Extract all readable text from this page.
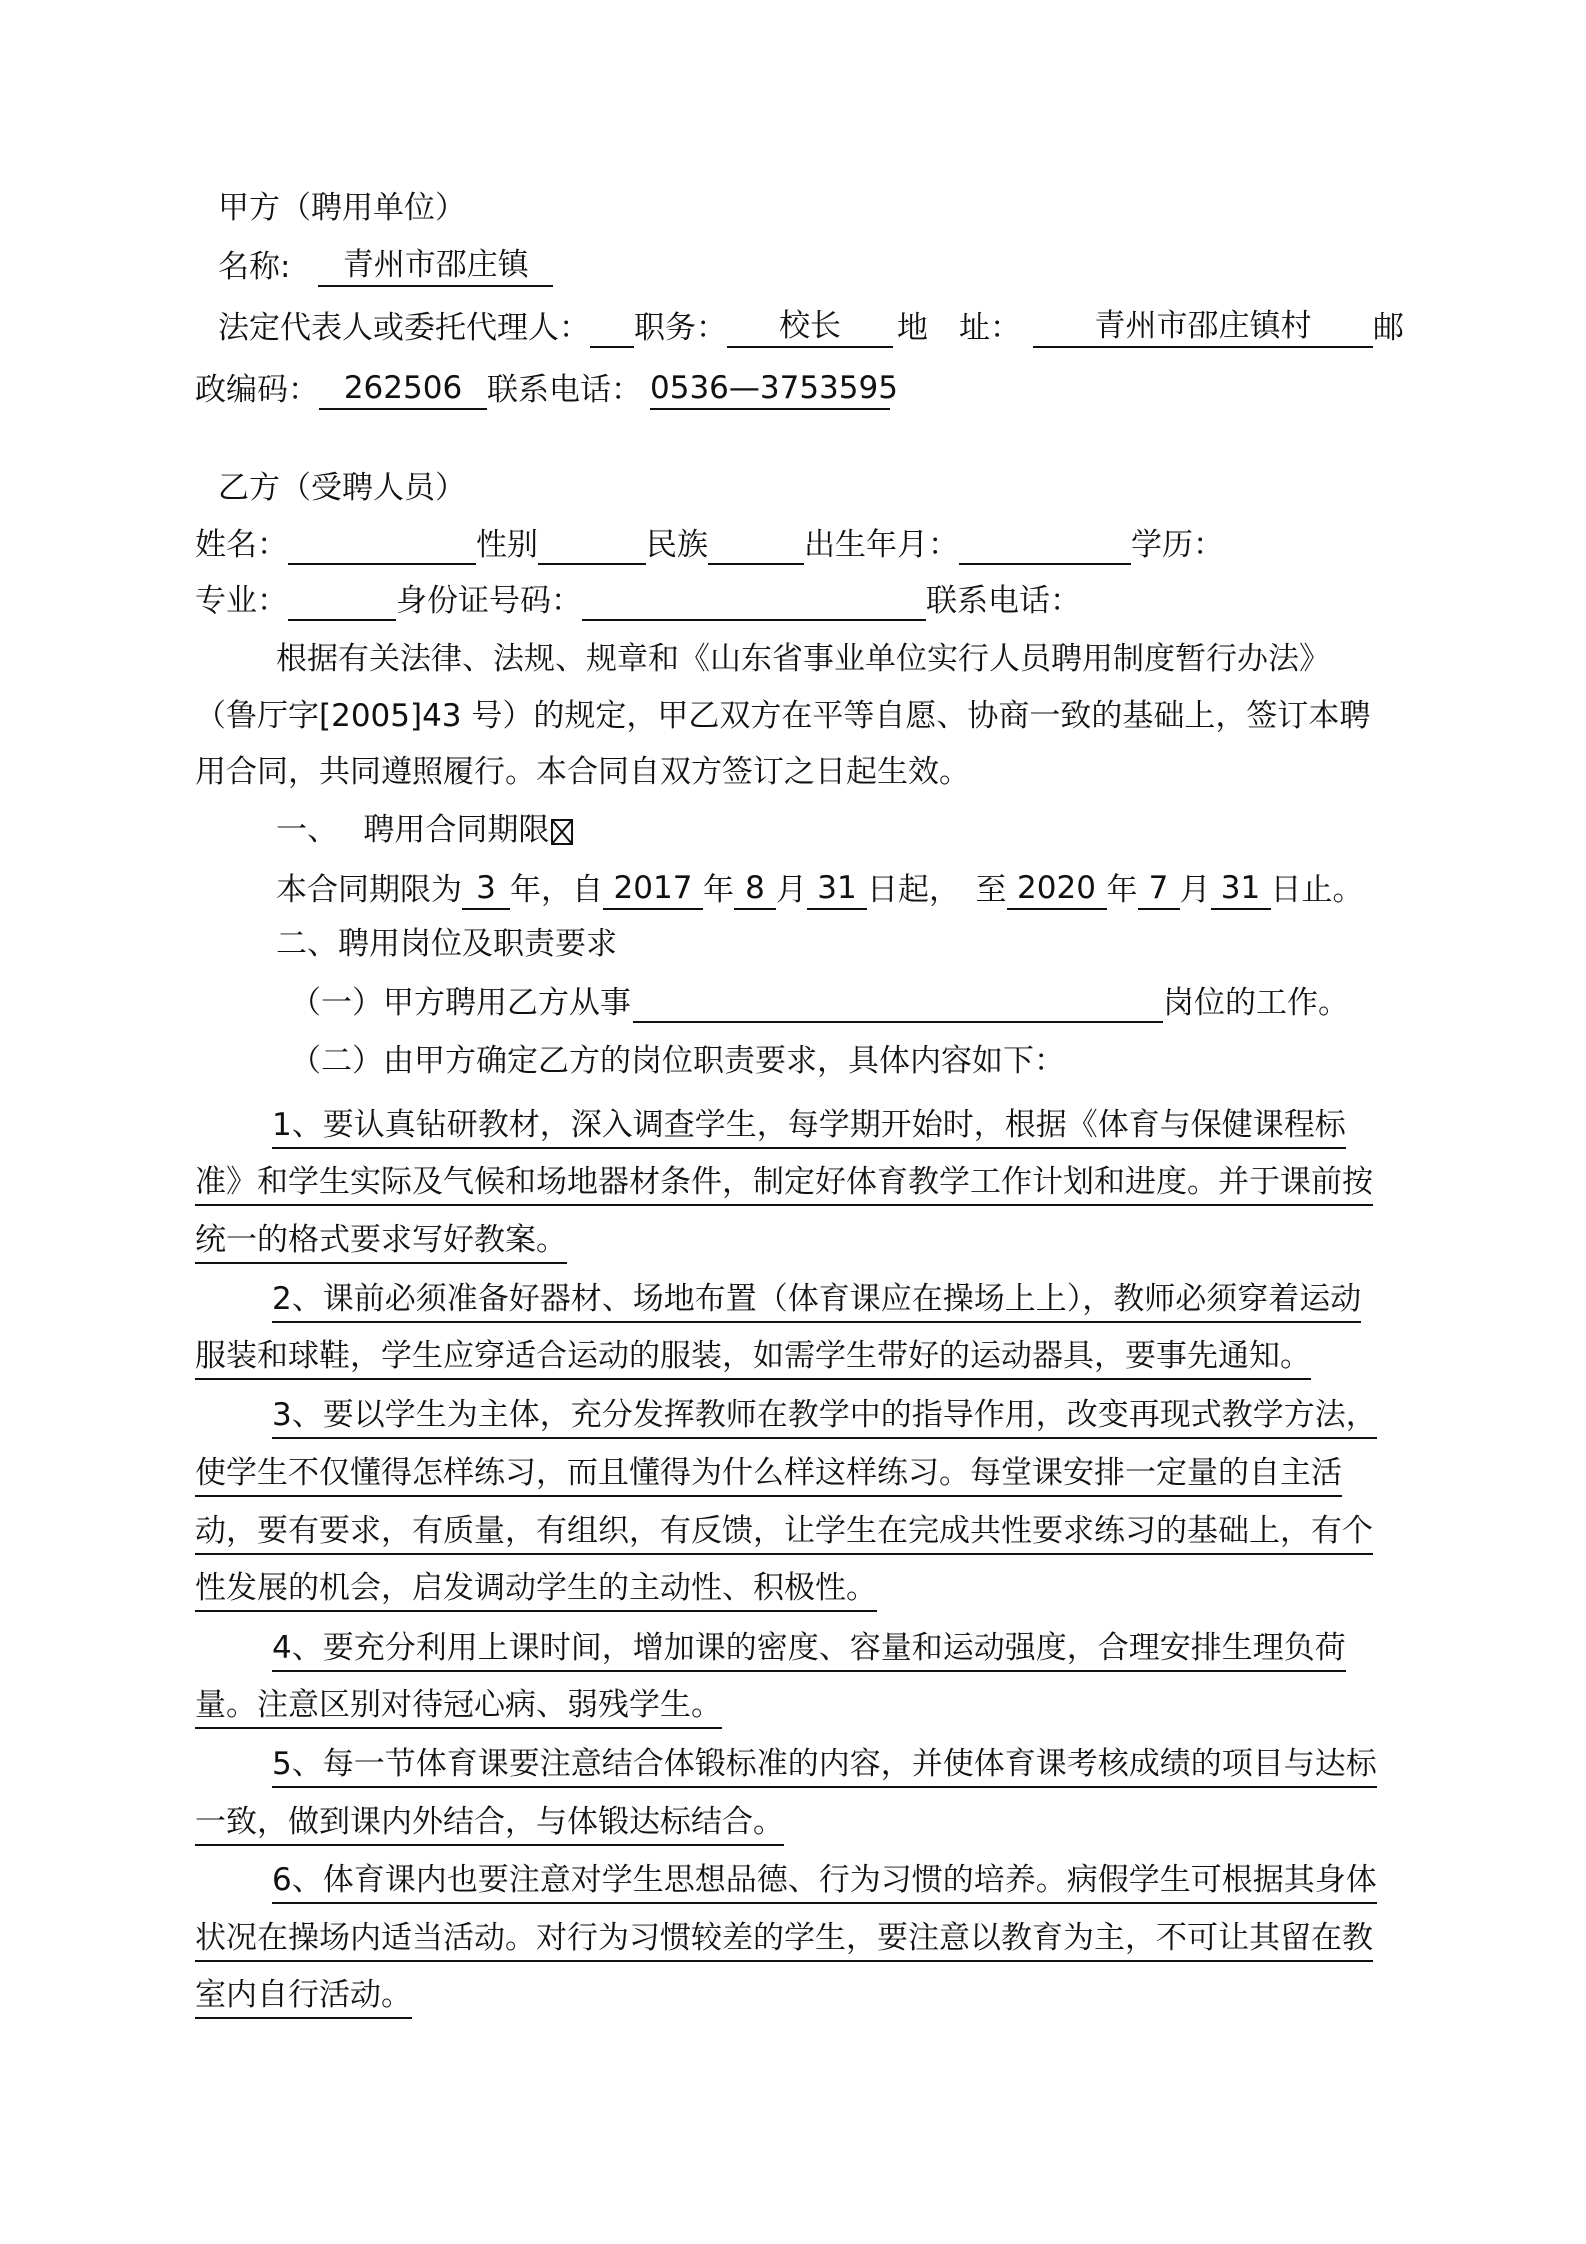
甲方（聘用单位）
名称: 青州市邵庄镇
法定代表人或委托代理人： 职务： 校长 地　址： 青州市邵庄镇村 邮
政编码： 262506 联系电话： 0536—3753595
乙方（受聘人员）
姓名：	性别	民族	出生年月：	学历：
专业：	身份证号码：	联系电话：
根据有关法律、法规、规章和《山东省事业单位实行人员聘用制度暂行办法》
（鲁厅字[2005]43 号）的规定，甲乙双方在平等自愿、协商一致的基础上，签订本聘
用合同，共同遵照履行。本合同自双方签订之日起生效。
一、　 聘用合同期限
本合同期限为 3 年，自 2017 年 8 月 31 日起，　至 2020 年 7 月 31 日止。
二、聘用岗位及职责要求
（一）甲方聘用乙方从事	岗位的工作。
（二）由甲方确定乙方的岗位职责要求，具体内容如下：
1、要认真钻研教材，深入调查学生，每学期开始时，根据《体育与保健课程标
准》和学生实际及气候和场地器材条件，制定好体育教学工作计划和进度。并于课前按
统一的格式要求写好教案。
2、课前必须准备好器材、场地布置（体育课应在操场上上），教师必须穿着运动
服装和球鞋，学生应穿适合运动的服装，如需学生带好的运动器具，要事先通知。
3、要以学生为主体，充分发挥教师在教学中的指导作用，改变再现式教学方法，
使学生不仅懂得怎样练习，而且懂得为什么样这样练习。每堂课安排一定量的自主活
动，要有要求，有质量，有组织，有反馈，让学生在完成共性要求练习的基础上，有个
性发展的机会，启发调动学生的主动性、积极性。
4、要充分利用上课时间，增加课的密度、容量和运动强度，合理安排生理负荷
量。注意区别对待冠心病、弱残学生。
5、每一节体育课要注意结合体锻标准的内容，并使体育课考核成绩的项目与达标
一致，做到课内外结合，与体锻达标结合。
6、体育课内也要注意对学生思想品德、行为习惯的培养。病假学生可根据其身体
状况在操场内适当活动。对行为习惯较差的学生，要注意以教育为主，不可让其留在教
室内自行活动。
